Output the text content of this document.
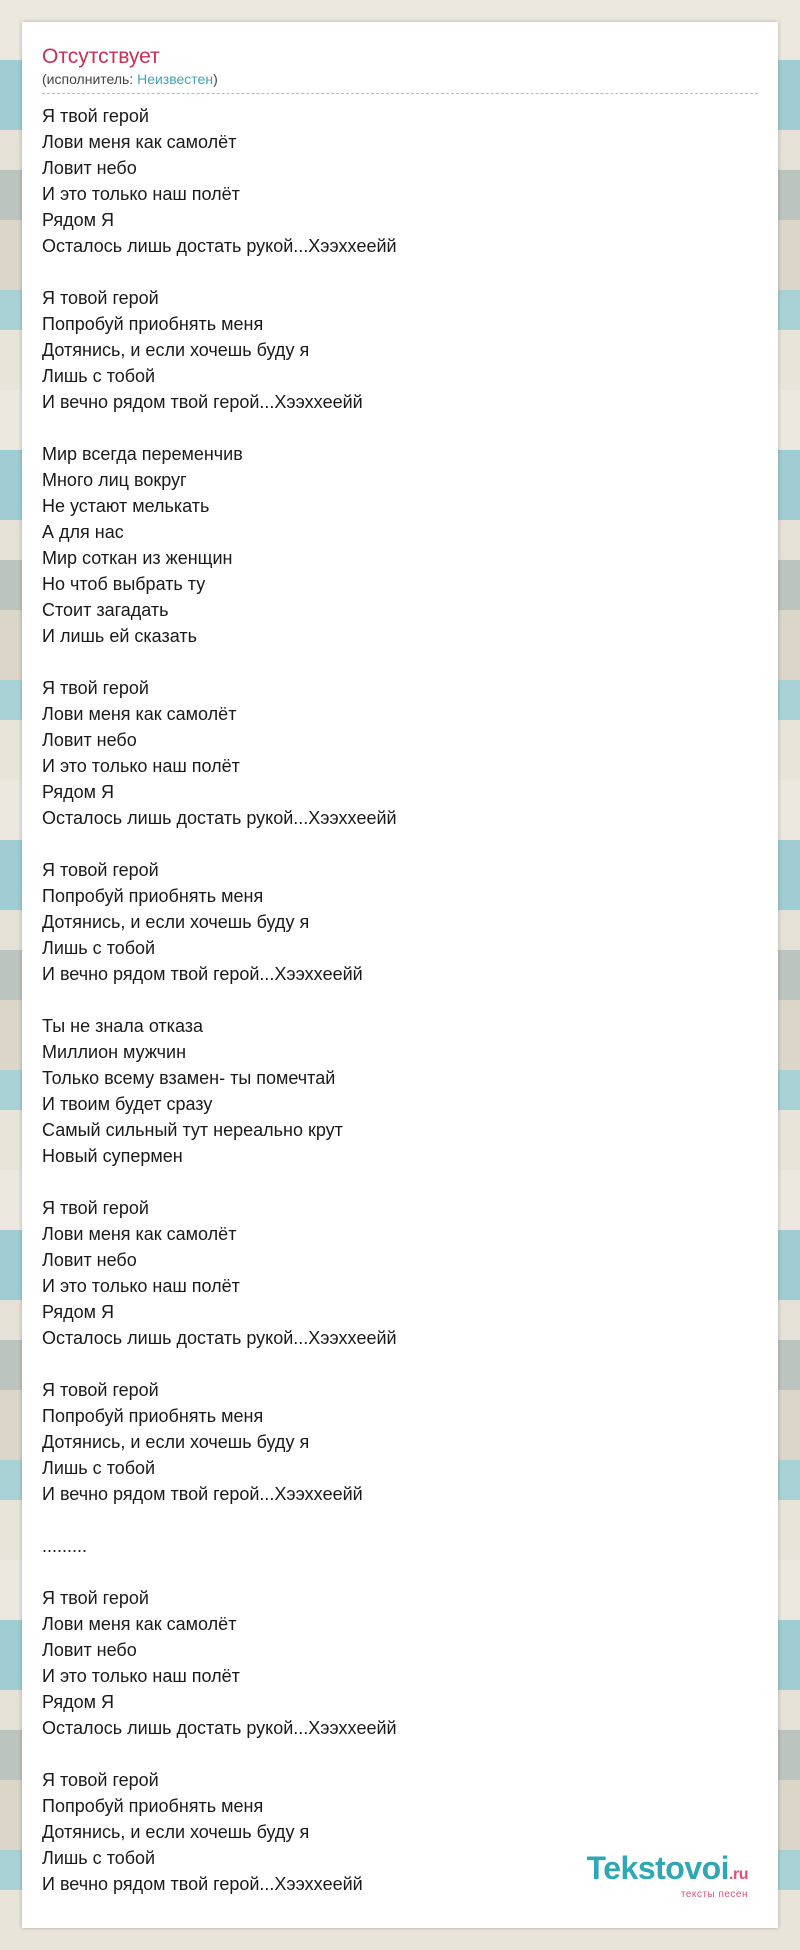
Отсутствует
(исполнитель: Неизвестен)
Я твой герой
Лови меня как самолёт
Ловит небо
И это только наш полёт
Рядом Я
Осталось лишь достать рукой...Хээхxеейй
Я товой герой
Попробуй приобнять меня
Дотянись, и если хочешь буду я
Лишь с тобой
И вечно рядом твой герой...Хээхxеейй
Мир всегда переменчив
Много лиц вокруг
Не устают мелькать
А для нас
Мир соткан из женщин
Но чтоб выбрать ту
Стоит загадать
И лишь ей сказать
Я твой герой
Лови меня как самолёт
Ловит небо
И это только наш полёт
Рядом Я
Осталось лишь достать рукой...Хээхxеейй
Я товой герой
Попробуй приобнять меня
Дотянись, и если хочешь буду я
Лишь с тобой
И вечно рядом твой герой...Хээхxеейй
Ты не знала отказа
Миллион мужчин
Только всему взамен- ты помечтай
И твоим будет сразу
Самый сильный тут нереально крут
Новый супермен
Я твой герой
Лови меня как самолёт
Ловит небо
И это только наш полёт
Рядом Я
Осталось лишь достать рукой...Хээхxеейй
Я товой герой
Попробуй приобнять меня
Дотянись, и если хочешь буду я
Лишь с тобой
И вечно рядом твой герой...Хээхxеейй
.........
Я твой герой
Лови меня как самолёт
Ловит небо
И это только наш полёт
Рядом Я
Осталось лишь достать рукой...Хээхxеейй
Я товой герой
Попробуй приобнять меня
Дотянись, и если хочешь буду я
Лишь с тобой
И вечно рядом твой герой...Хээхxеейй	Tekstovoi.ru
тексты песен
